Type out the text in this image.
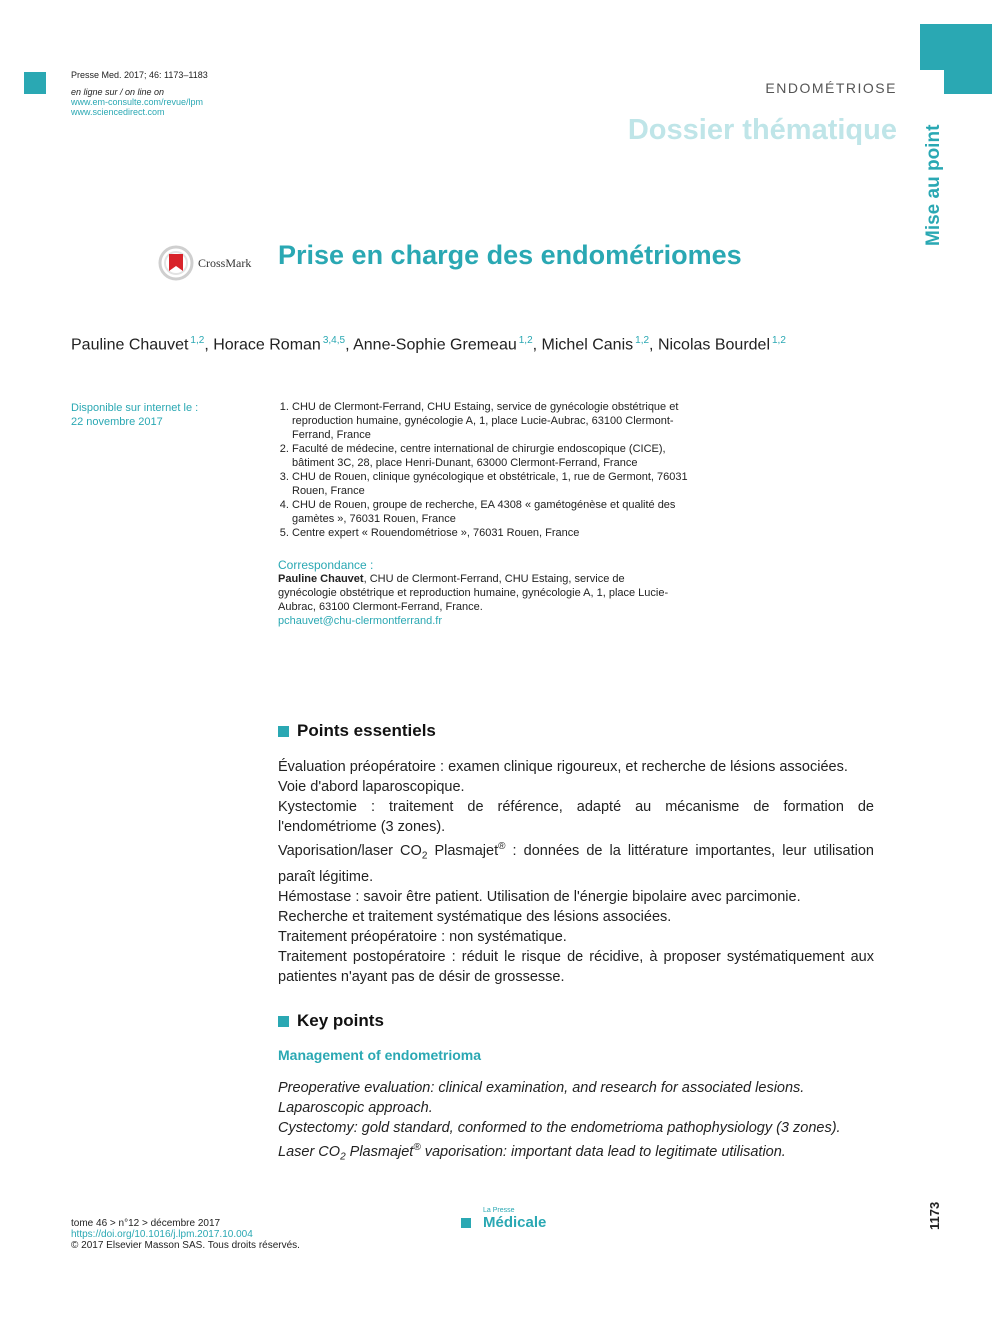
Presse Med. 2017; 46: 1173–1183
en ligne sur / on line on
www.em-consulte.com/revue/lpm
www.sciencedirect.com
ENDOMÉTRIOSE
Dossier thématique Mise au point
CrossMark Prise en charge des endométriomes
Pauline Chauvet $^{1,2}$, Horace Roman $^{3,4,5}$, Anne-Sophie Gremeau $^{1,2}$, Michel Canis $^{1,2}$, Nicolas Bourdel $^{1,2}$
Disponible sur internet le :
22 novembre 2017
1. CHU de Clermont-Ferrand, CHU Estaing, service de gynécologie obstétrique et reproduction humaine, gynécologie A, 1, place Lucie-Aubrac, 63100 Clermont-Ferrand, France
2. Faculté de médecine, centre international de chirurgie endoscopique (CICE), bâtiment 3C, 28, place Henri-Dunant, 63000 Clermont-Ferrand, France
3. CHU de Rouen, clinique gynécologique et obstétricale, 1, rue de Germont, 76031 Rouen, France
4. CHU de Rouen, groupe de recherche, EA 4308 « gamétogénèse et qualité des gamètes », 76031 Rouen, France
5. Centre expert « Rouendométriose », 76031 Rouen, France
Correspondance :
Pauline Chauvet, CHU de Clermont-Ferrand, CHU Estaing, service de gynécologie obstétrique et reproduction humaine, gynécologie A, 1, place Lucie-Aubrac, 63100 Clermont-Ferrand, France.
pchauvet@chu-clermontferrand.fr
Points essentiels

Évaluation préopératoire : examen clinique rigoureux, et recherche de lésions associées.

Voie d'abord laparoscopique.

Kystectomie : traitement de référence, adapté au mécanisme de formation de l'endométriome (3 zones).

Vaporisation/laser $CO_2$ Plasmajet® : données de la littérature importantes, leur utilisation paraît légitime.

Hémostase : savoir être patient. Utilisation de l'énergie bipolaire avec parcimonie.

Recherche et traitement systématique des lésions associées.

Traitement préopératoire : non systématique.

Traitement postopératoire : réduit le risque de récidive, à proposer systématiquement aux patientes n'ayant pas de désir de grossesse.

Key points
Management of endometrioma

Preoperative evaluation: clinical examination, and research for associated lesions.

Laparoscopic approach.

Cystectomy: gold standard, conformed to the endometrioma pathophysiology (3 zones).

Laser $CO_2$ Plasmajet® vaporisation: important data lead to legitimate utilisation.

tome 46 > n°12 > décembre 2017
https://doi.org/10.1016/j.lpm.2017.10.004
© 2017 Elsevier Masson SAS. Tous droits réservés.
La Presse
Médicale	1173
